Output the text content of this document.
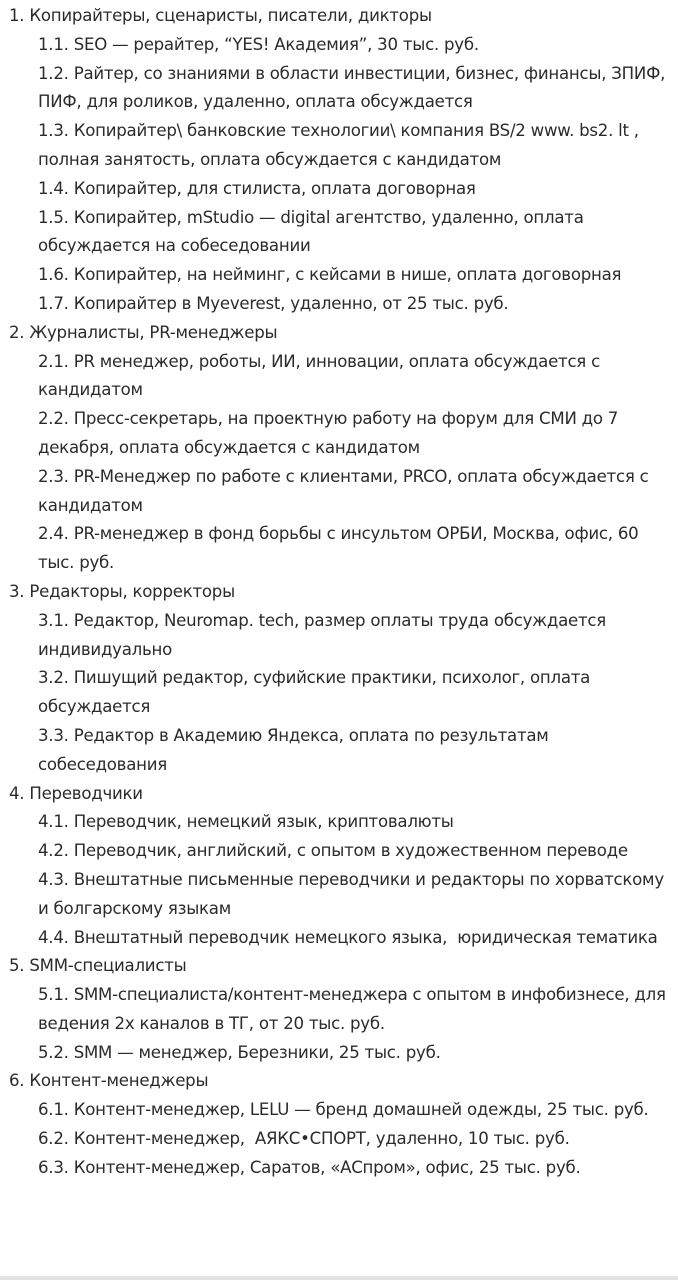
1. Копирайтеры, сценаристы, писатели, дикторы
1.1. SEO — рерайтер, “YES! Академия”, 30 тыс. руб.
1.2. Райтер, со знаниями в области инвестиции, бизнес, финансы, ЗПИФ, ПИФ, для роликов, удаленно, оплата обсуждается
1.3. Копирайтер\ банковские технологии\ компания BS/2 www. bs2. lt , полная занятость, оплата обсуждается с кандидатом
1.4. Копирайтер, для стилиста, оплата договорная
1.5. Копирайтер, mStudio — digital агентство, удаленно, оплата обсуждается на собеседовании
1.6. Копирайтер, на нейминг, с кейсами в нише, оплата договорная
1.7. Копирайтер в Myeverest, удаленно, от 25 тыс. руб.
2. Журналисты, PR-менеджеры
2.1. PR менеджер, роботы, ИИ, инновации, оплата обсуждается с кандидатом
2.2. Пресс-секретарь, на проектную работу на форум для СМИ до 7 декабря, оплата обсуждается с кандидатом
2.3. PR-Менеджер по работе с клиентами, PRCO, оплата обсуждается с кандидатом
2.4. PR-менеджер в фонд борьбы с инсультом ОРБИ, Москва, офис, 60 тыс. руб.
3. Редакторы, корректоры
3.1. Редактор, Neuromap. tech, размер оплаты труда обсуждается индивидуально
3.2. Пишущий редактор, суфийские практики, психолог, оплата обсуждается
3.3. Редактор в Академию Яндекса, оплата по результатам собеседования
4. Переводчики
4.1. Переводчик, немецкий язык, криптовалюты
4.2. Переводчик, английский, с опытом в художественном переводе
4.3. Внештатные письменные переводчики и редакторы по хорватскому и болгарскому языкам
4.4. Внештатный переводчик немецкого языка,  юридическая тематика
5. SMM-специалисты
5.1. SMM-специалиста/контент-менеджера с опытом в инфобизнесе, для ведения 2х каналов в ТГ, от 20 тыс. руб.
5.2. SMM — менеджер, Березники, 25 тыс. руб.
6. Контент-менеджеры
6.1. Контент-менеджер, LELU — бренд домашней одежды, 25 тыс. руб.
6.2. Контент-менеджер,  АЯКС•СПОРТ, удаленно, 10 тыс. руб.
6.3. Контент-менеджер, Саратов, «АСпром», офис, 25 тыс. руб.
